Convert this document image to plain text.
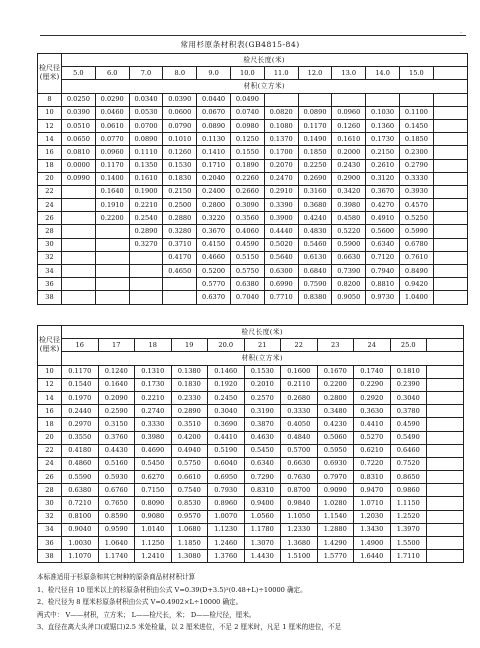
·
常用杉原条材积表(GB4815-84)
检尺径(厘米)	检尺长度(米)											
	5.0	6.0	7.0	8.0	9.0	10.0	11.0	12.0	13.0	14.0	15.0	
	材积(立方米)											
8	0.0250	0.0290	0.0340	0.0390	0.0440	0.0490						
10	0.0390	0.0460	0.0530	0.0600	0.0670	0.0740	0.0820	0.0890	0.0960	0.1030	0.1100	
12	0.0510	0.0610	0.0700	0.0790	0.0890	0.0980	0.1080	0.1170	0.1260	0.1360	0.1450	
14	0.0650	0.0770	0.0890	0.1010	0.1130	0.1250	0.1370	0.1490	0.1610	0.1730	0.1850	
16	0.0810	0.0960	0.1110	0.1260	0.1410	0.1550	0.1700	0.1850	0.2000	0.2150	0.2300	
18	0.0000	0.1170	0.1350	0.1530	0.1710	0.1890	0.2070	0.2250	0.2430	0.2610	0.2790	
20	0.0990	0.1400	0.1610	0.1830	0.2040	0.2260	0.2470	0.2690	0.2900	0.3120	0.3330	
22		0.1640	0.1900	0.2150	0.2400	0.2660	0.2910	0.3160	0.3420	0.3670	0.3930	
24		0.1910	0.2210	0.2500	0.2800	0.3090	0.3390	0.3680	0.3980	0.4270	0.4570	
26		0.2200	0.2540	0.2880	0.3220	0.3560	0.3900	0.4240	0.4580	0.4910	0.5250	
28			0.2890	0.3280	0.3670	0.4060	0.4440	0.4830	0.5220	0.5600	0.5990	
30			0.3270	0.3710	0.4150	0.4590	0.5020	0.5460	0.5900	0.6340	0.6780	
32				0.4170	0.4660	0.5150	0.5640	0.6130	0.6630	0.7120	0.7610	
34				0.4650	0.5200	0.5750	0.6300	0.6840	0.7390	0.7940	0.8490	
36					0.5770	0.6380	0.6990	0.7590	0.8200	0.8810	0.9420	
38					0.6370	0.7040	0.7710	0.8380	0.9050	0.9730	1.0400	
检尺径(厘米)	检尺长度(米)										
	16	17	18	19	20.0	21	22	23	24	25.0	
	材积(立方米)										
10	0.1170	0.1240	0.1310	0.1380	0.1460	0.1530	0.1600	0.1670	0.1740	0.1810	
12	0.1540	0.1640	0.1730	0.1830	0.1920	0.2010	0.2110	0.2200	0.2290	0.2390	
14	0.1970	0.2090	0.2210	0.2330	0.2450	0.2570	0.2680	0.2800	0.2920	0.3040	
16	0.2440	0.2590	0.2740	0.2890	0.3040	0.3190	0.3330	0.3480	0.3630	0.3780	
18	0.2970	0.3150	0.3330	0.3510	0.3690	0.3870	0.4050	0.4230	0.4410	0.4590	
20	0.3550	0.3760	0.3980	0.4200	0.4410	0.4630	0.4840	0.5060	0.5270	0.5490	
22	0.4180	0.4430	0.4690	0.4940	0.5190	0.5450	0.5700	0.5950	0.6210	0.6460	
24	0.4860	0.5160	0.5450	0.5750	0.6040	0.6340	0.6630	0.6930	0.7220	0.7520	
26	0.5590	0.5930	0.6270	0.6610	0.6950	0.7290	0.7630	0.7970	0.8310	0.8650	
28	0.6380	0.6760	0.7150	0.7540	0.7930	0.8310	0.8700	0.9090	0.9470	0.9860	
30	0.7210	0.7650	0.8090	0.8530	0.8960	0.9400	0.9840	1.0280	1.0710	1.1150	
32	0.8100	0.8590	0.9080	0.9570	1.0070	1.0560	1.1050	1.1540	1.2030	1.2520	
34	0.9040	0.9590	1.0140	1.0680	1.1230	1.1780	1.2330	1.2880	1.3430	1.3970	
36	1.0030	1.0640	1.1250	1.1850	1.2460	1.3070	1.3680	1.4290	1.4900	1.5500	
38	1.1070	1.1740	1.2410	1.3080	1.3760	1.4430	1.5100	1.5770	1.6440	1.7110	
本标准适用于杉原条和其它树种的原条商品材材积计算
1、检尺径自 10 厘米以上的杉原条材积由公式 V=0.39(D+3.5)²(0.48+L)÷10000 确定。
2、检尺径为 8 厘米杉原条材积由公式 V=0.4902×L÷10000 确定。
两式中： V——材积，立方米； L——检尺长，米； D——检尺径，厘米。
3、直径在离大头斧口(或锯口)2.5 米处检量，以 2 厘米进位，不足 2 厘米时，凡足 1 厘米的进位，不足
